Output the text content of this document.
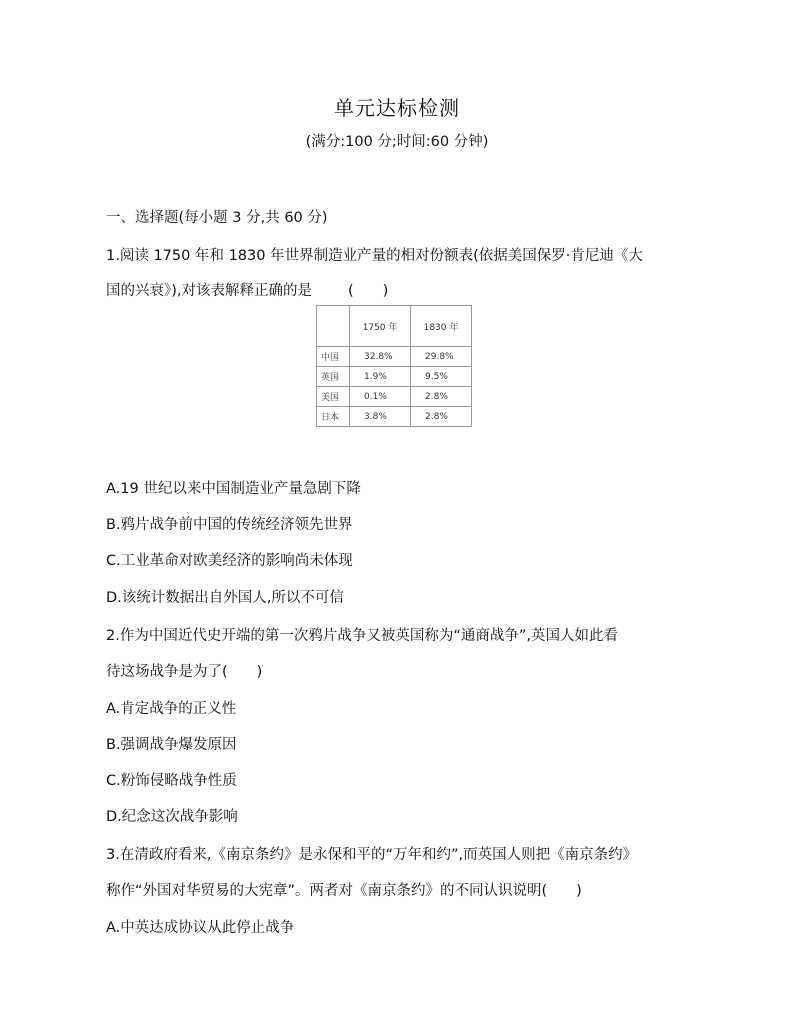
单元达标检测
(满分:100 分;时间:60 分钟)
一、选择题(每小题 3 分,共 60 分)
1.阅读 1750 年和 1830 年世界制造业产量的相对份额表(依据美国保罗·肯尼迪《大
国的兴衰》),对该表解释正确的是 (　　)
	1750 年	1830 年
中国	32.8%	29.8%
英国	1.9%	9.5%
美国	0.1%	2.8%
日本	3.8%	2.8%
A.19 世纪以来中国制造业产量急剧下降
B.鸦片战争前中国的传统经济领先世界
C.工业革命对欧美经济的影响尚未体现
D.该统计数据出自外国人,所以不可信
2.作为中国近代史开端的第一次鸦片战争又被英国称为“通商战争”,英国人如此看
待这场战争是为了(　　)
A.肯定战争的正义性
B.强调战争爆发原因
C.粉饰侵略战争性质
D.纪念这次战争影响
3.在清政府看来,《南京条约》是永保和平的“万年和约”,而英国人则把《南京条约》
称作“外国对华贸易的大宪章”。两者对《南京条约》的不同认识说明(　　)
A.中英达成协议从此停止战争
